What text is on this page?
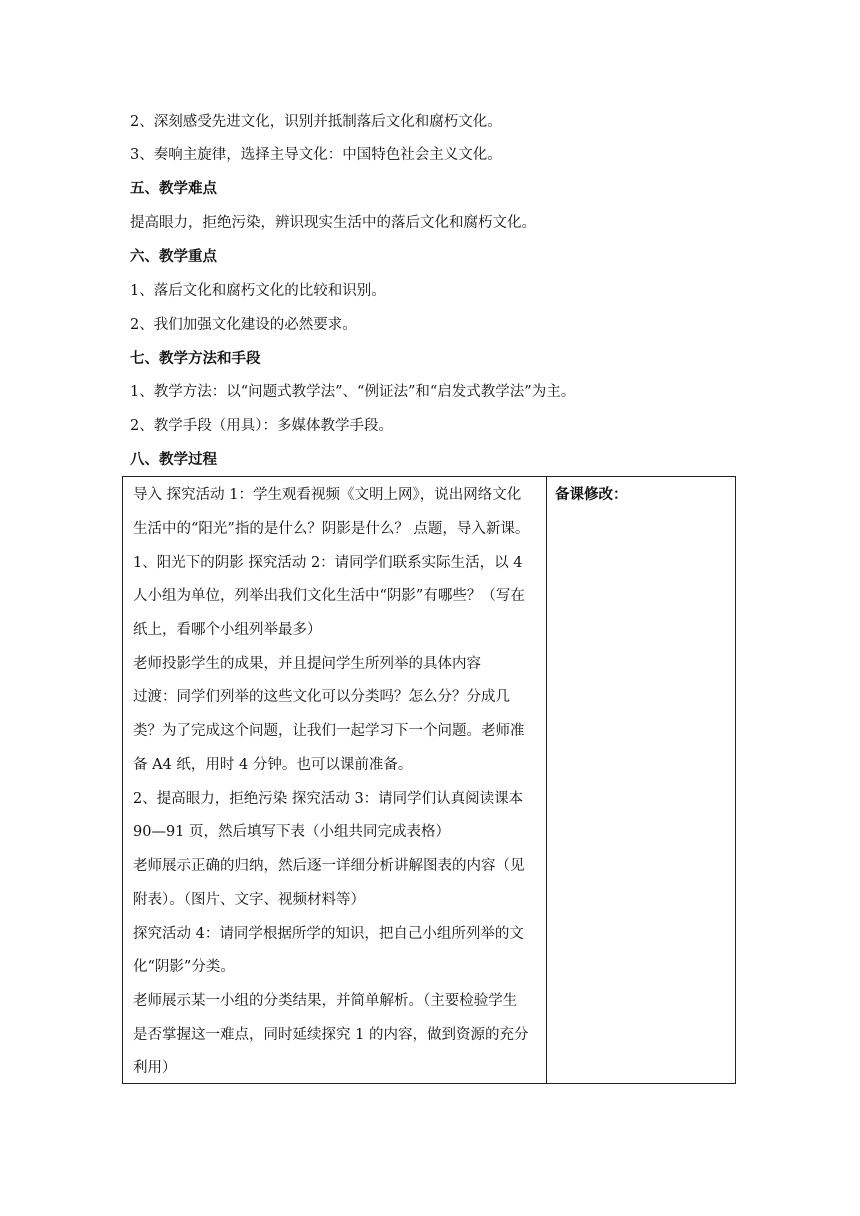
2、深刻感受先进文化，识别并抵制落后文化和腐朽文化。
3、奏响主旋律，选择主导文化：中国特色社会主义文化。
五、教学难点
提高眼力，拒绝污染，辨识现实生活中的落后文化和腐朽文化。
六、教学重点
1、落后文化和腐朽文化的比较和识别。
2、我们加强文化建设的必然要求。
七、教学方法和手段
1、教学方法：以“问题式教学法”、“例证法”和“启发式教学法”为主。
2、教学手段（用具）：多媒体教学手段。
八、教学过程
导入 探究活动 1：学生观看视频《文明上网》，说出网络文化
生活中的“阳光”指的是什么？阴影是什么？ 点题，导入新课。
1、阳光下的阴影 探究活动 2：请同学们联系实际生活，以 4
人小组为单位，列举出我们文化生活中“阴影”有哪些？（写在
纸上，看哪个小组列举最多）
老师投影学生的成果，并且提问学生所列举的具体内容
过渡：同学们列举的这些文化可以分类吗？怎么分？分成几
类？为了完成这个问题，让我们一起学习下一个问题。老师准
备 A4 纸，用时 4 分钟。也可以课前准备。
2、提高眼力，拒绝污染 探究活动 3：请同学们认真阅读课本
90—91 页，然后填写下表（小组共同完成表格）
老师展示正确的归纳，然后逐一详细分析讲解图表的内容（见
附表）。（图片、文字、视频材料等）
探究活动 4：请同学根据所学的知识，把自己小组所列举的文
化“阴影”分类。
老师展示某一小组的分类结果，并简单解析。（主要检验学生
是否掌握这一难点，同时延续探究 1 的内容，做到资源的充分
利用）
备课修改：
